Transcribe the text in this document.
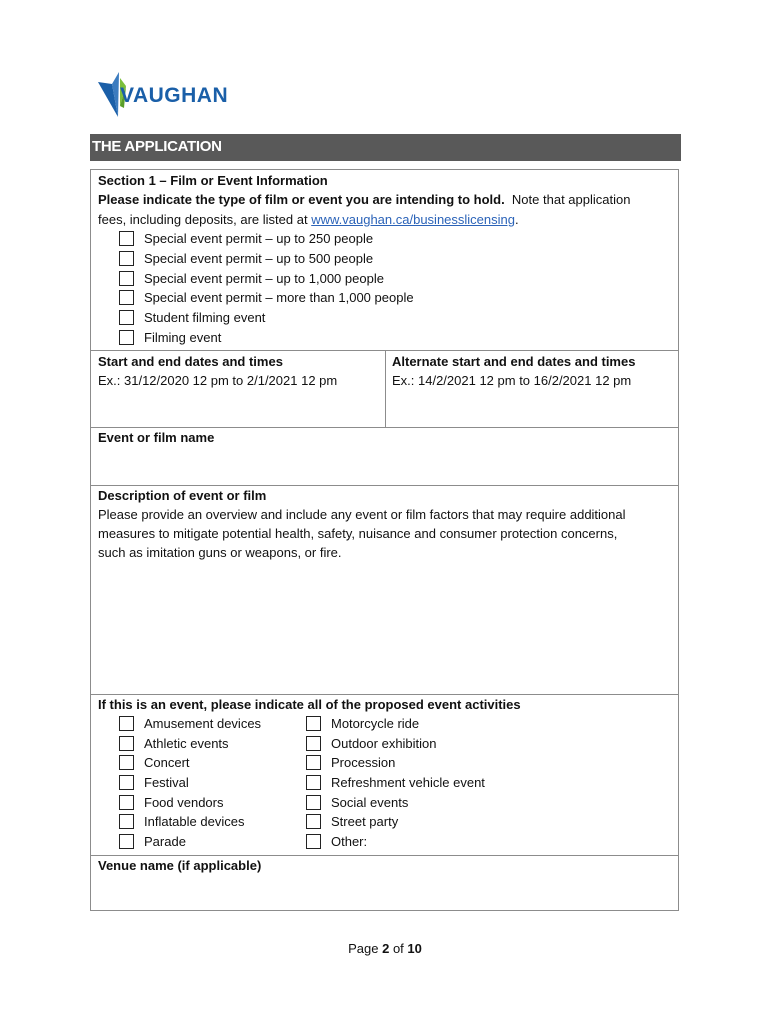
VAUGHAN
THE APPLICATION
Section 1 – Film or Event Information
Please indicate the type of film or event you are intending to hold. Note that application
fees, including deposits, are listed at www.vaughan.ca/businesslicensing.
Special event permit – up to 250 people
Special event permit – up to 500 people
Special event permit – up to 1,000 people
Special event permit – more than 1,000 people
Student filming event
Filming event
Start and end dates and times
Ex.: 31/12/2020 12 pm to 2/1/2021 12 pm
Alternate start and end dates and times
Ex.: 14/2/2021 12 pm to 16/2/2021 12 pm
Event or film name
Description of event or film
Please provide an overview and include any event or film factors that may require additional
measures to mitigate potential health, safety, nuisance and consumer protection concerns,
such as imitation guns or weapons, or fire.
If this is an event, please indicate all of the proposed event activities
Amusement devices
Athletic events
Concert
Festival
Food vendors
Inflatable devices
Parade
Motorcycle ride
Outdoor exhibition
Procession
Refreshment vehicle event
Social events
Street party
Other:
Venue name (if applicable)
Page 2 of 10
